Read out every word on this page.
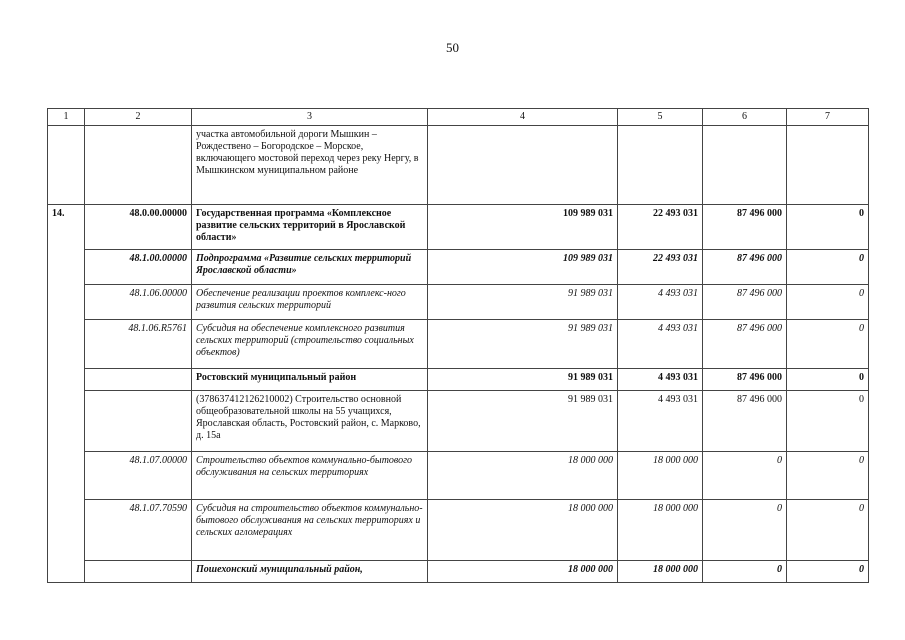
50
1	2	3	4	5	6	7
		участка автомобильной дороги Мышкин – Рождествено – Богородское – Морское, включающего мостовой переход через реку Нергу, в Мышкинском муниципальном районе				
14.	48.0.00.00000	Государственная программа «Комплексное развитие сельских территорий в Ярославской области»	109 989 031	22 493 031	87 496 000	0
	48.1.00.00000	Подпрограмма «Развитие сельских территорий Ярославской области»	109 989 031	22 493 031	87 496 000	0
	48.1.06.00000	Обеспечение реализации проектов комплекс-ного развития сельских территорий	91 989 031	4 493 031	87 496 000	0
	48.1.06.R5761	Субсидия на обеспечение комплексного развития сельских территорий (строительство социальных объектов)	91 989 031	4 493 031	87 496 000	0
		Ростовский муниципальный район	91 989 031	4 493 031	87 496 000	0
		(378637412126210002) Строительство основной общеобразовательной школы на 55 учащихся, Ярославская область, Ростовский район, с. Марково, д. 15а	91 989 031	4 493 031	87 496 000	0
	48.1.07.00000	Строительство объектов коммунально-бытового обслуживания на сельских территориях	18 000 000	18 000 000	0	0
	48.1.07.70590	Субсидия на строительство объектов коммунально-бытового обслуживания на сельских территориях и сельских агломерациях	18 000 000	18 000 000	0	0
		Пошехонский муниципальный район,	18 000 000	18 000 000	0	0
